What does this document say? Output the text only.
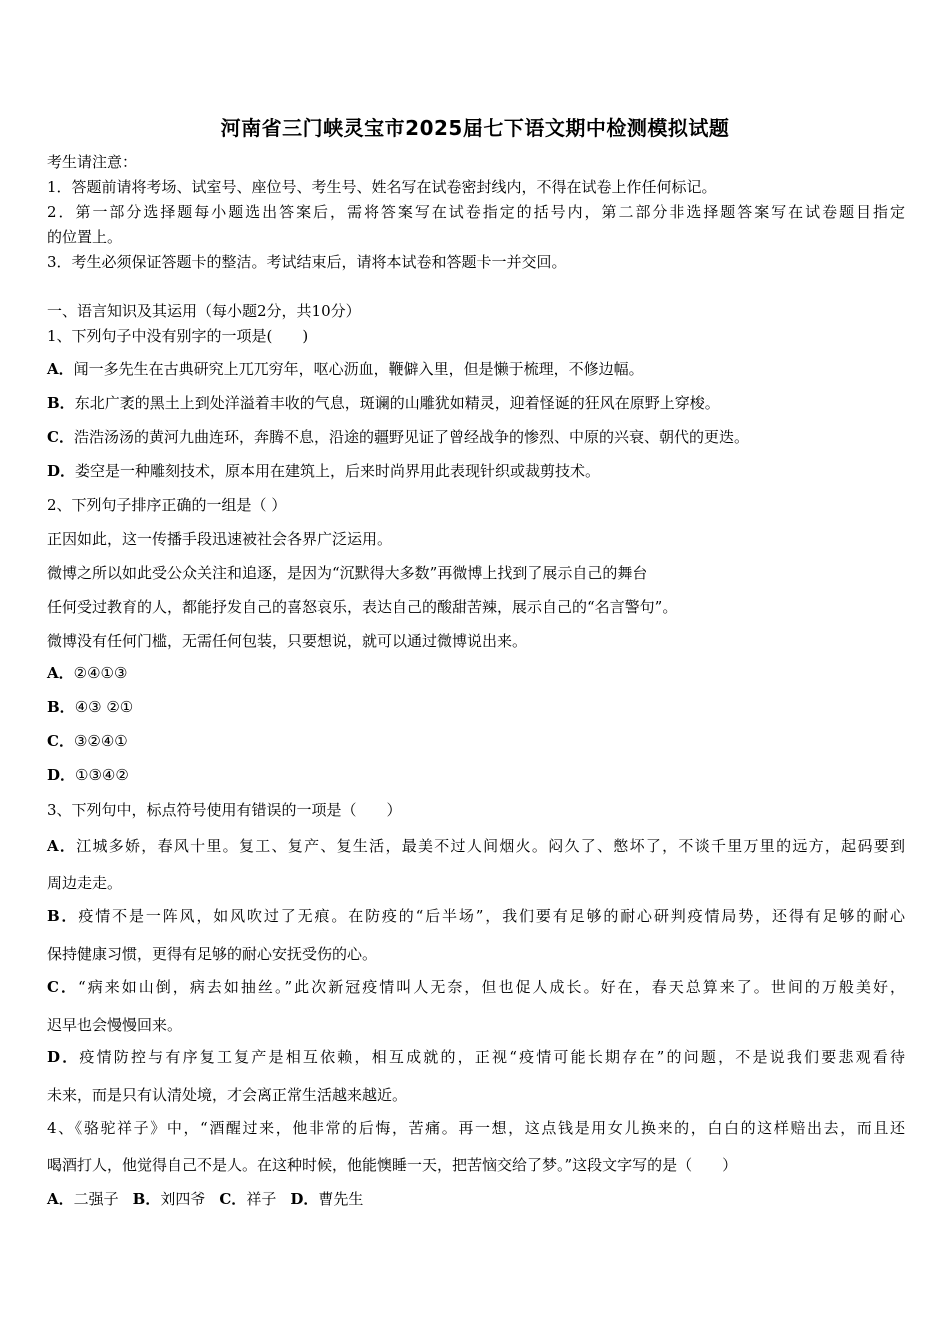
河南省三门峡灵宝市2025届七下语文期中检测模拟试题
考生请注意：
1．答题前请将考场、试室号、座位号、考生号、姓名写在试卷密封线内，不得在试卷上作任何标记。
2．第一部分选择题每小题选出答案后，需将答案写在试卷指定的括号内，第二部分非选择题答案写在试卷题目指定
的位置上。
3．考生必须保证答题卡的整洁。考试结束后，请将本试卷和答题卡一并交回。
一、语言知识及其运用（每小题2分，共10分）
1、下列句子中没有别字的一项是(　　)
A．闻一多先生在古典研究上兀兀穷年，呕心沥血，鞭僻入里，但是懒于梳理，不修边幅。
B．东北广袤的黑土上到处洋溢着丰收的气息，斑谰的山雕犹如精灵，迎着怪诞的狂风在原野上穿梭。
C．浩浩汤汤的黄河九曲连环，奔腾不息，沿途的疆野见证了曾经战争的惨烈、中原的兴衰、朝代的更迭。
D．娄空是一种雕刻技术，原本用在建筑上，后来时尚界用此表现针织或裁剪技术。
2、下列句子排序正确的一组是（ ）
正因如此，这一传播手段迅速被社会各界广泛运用。
微博之所以如此受公众关注和追逐，是因为“沉默得大多数”再微博上找到了展示自己的舞台
任何受过教育的人，都能抒发自己的喜怒哀乐，表达自己的酸甜苦辣，展示自己的“名言警句”。
微博没有任何门槛，无需任何包装，只要想说，就可以通过微博说出来。
A．②④①③
B．④③ ②①
C．③②④①
D．①③④②
3、下列句中，标点符号使用有错误的一项是（　　）
A．江城多娇，春风十里。复工、复产、复生活，最美不过人间烟火。闷久了、憋坏了，不谈千里万里的远方，起码要到
周边走走。
B．疫情不是一阵风，如风吹过了无痕。在防疫的“后半场”，我们要有足够的耐心研判疫情局势，还得有足够的耐心
保持健康习惯，更得有足够的耐心安抚受伤的心。
C．“病来如山倒，病去如抽丝。”此次新冠疫情叫人无奈，但也促人成长。好在，春天总算来了。世间的万般美好，
迟早也会慢慢回来。
D．疫情防控与有序复工复产是相互依赖，相互成就的，正视“疫情可能长期存在”的问题，不是说我们要悲观看待
未来，而是只有认清处境，才会离正常生活越来越近。
4、《骆驼祥子》中，“酒醒过来，他非常的后悔，苦痛。再一想，这点钱是用女儿换来的，白白的这样赔出去，而且还
喝酒打人，他觉得自己不是人。在这种时候，他能懊睡一天，把苦恼交给了梦。”这段文字写的是（　　）
A．二强子 B．刘四爷 C．祥子 D．曹先生
